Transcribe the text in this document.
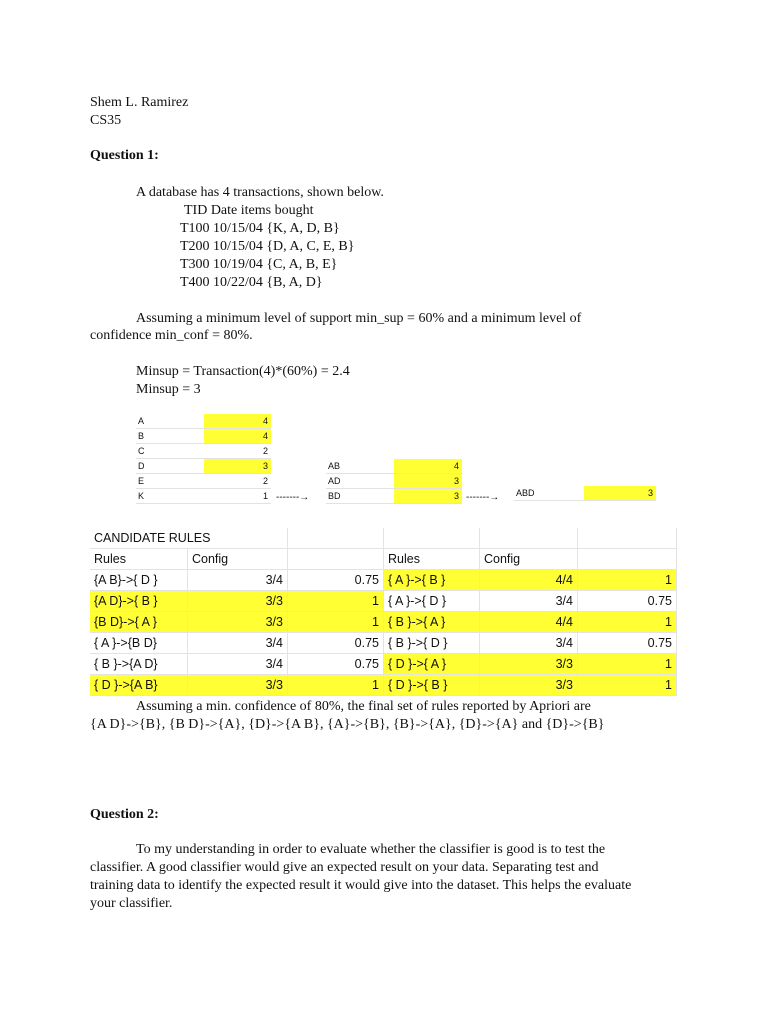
Shem L. Ramirez
CS35
Question 1:
A database has 4 transactions, shown below.
TID Date items bought
T100 10/15/04 {K, A, D, B}
T200 10/15/04 {D, A, C, E, B}
T300 10/19/04 {C, A, B, E}
T400 10/22/04 {B, A, D}
Assuming a minimum level of support min_sup = 60% and a minimum level of
confidence min_conf = 80%.
Minsup = Transaction(4)*(60%) = 2.4
Minsup = 3
A	4
B	4
C	2
D	3
E	2
K	1 -------→
AB	4
AD	3
BD	3 -------→ ABD	3
CANDIDATE RULES
Rules	Config	Rules	Config
{A B}->{ D }	3/4	0.75 { A }->{ B }	4/4	1
{A D}->{ B }	3/3	1 { A }->{ D }	3/4	0.75
{B D}->{ A }	3/3	1 { B }->{ A }	4/4	1
{ A }->{B D}	3/4	0.75 { B }->{ D }	3/4	0.75
{ B }->{A D}	3/4	0.75 { D }->{ A }	3/3	1
{ D }->{A B}	3/3	1 { D }->{ B }	3/3	1
Assuming a min. confidence of 80%, the final set of rules reported by Apriori are
{A D}->{B}, {B D}->{A}, {D}->{A B}, {A}->{B}, {B}->{A}, {D}->{A} and {D}->{B}
Question 2:
To my understanding in order to evaluate whether the classifier is good is to test the
classifier. A good classifier would give an expected result on your data. Separating test and
training data to identify the expected result it would give into the dataset. This helps the evaluate
your classifier.
